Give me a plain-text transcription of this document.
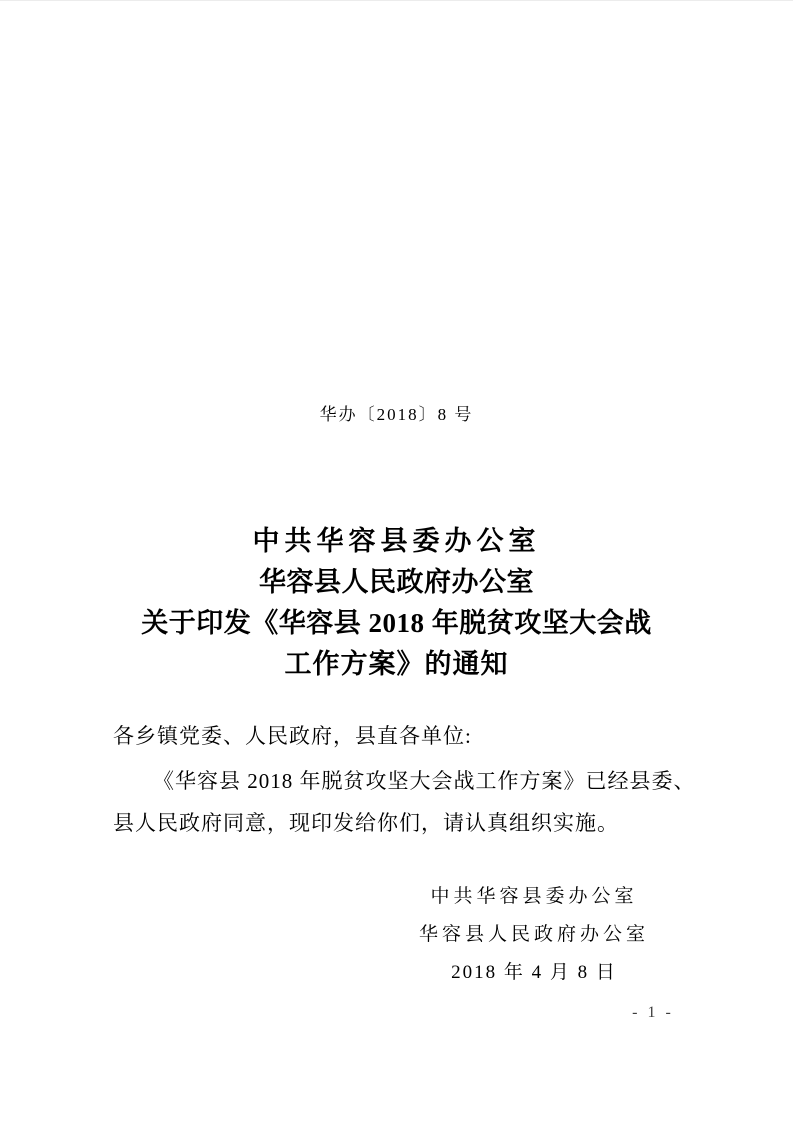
华办〔2018〕8 号
中共华容县委办公室
华容县人民政府办公室
关于印发《华容县 2018 年脱贫攻坚大会战
工作方案》的通知
各乡镇党委、人民政府，县直各单位:
《华容县 2018 年脱贫攻坚大会战工作方案》已经县委、
县人民政府同意，现印发给你们，请认真组织实施。
中共华容县委办公室
华容县人民政府办公室
2018 年 4 月 8 日
- 1 -
